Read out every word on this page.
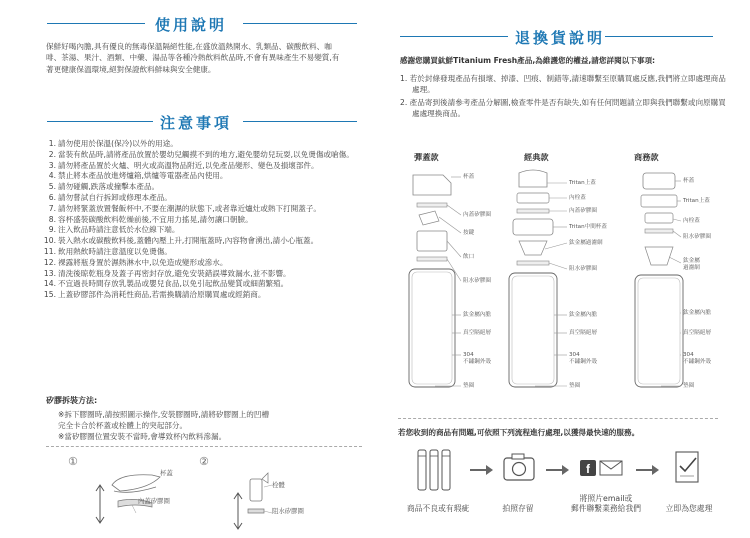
使用說明
保鮮好喝內膽,具有優良的無毒保溫隔絕性能,在盛放溫熱開水、乳類品、碳酸飲料、咖啡、茶湯、果汁、酒類、中藥、湯品等各種冷熱飲料飲品時,不會有異味產生不易變質,有著更健康保溫環境,絕對保證飲料鮮味與安全健康。
注意事項
1. 請勿使用於保溫(保冷)以外的用途。
2. 當裝有飲品時,請將產品放置於嬰幼兒觸摸不到的地方,避免嬰幼兒玩耍,以免燙傷或嗆傷。
3. 請勿將產品置於火爐、明火或高溫物品附近,以免產品變形、變色及損壞部件。
4. 禁止將本產品放進烤爐箱,烘爐等電器產品內使用。
5. 請勿碰觸,跌落或撞擊本產品。
6. 請勿嘗試自行拆卸或修理本產品。
7. 請勿將緊蓋放置餐飯杯中,不要在潮濕的狀態下,或者靠近爐灶或熱下打開蓋子。
8. 容杯盛裝碳酸飲料乾燥前後,不宜用力搖晃,請勿讓口朝臉。
9. 注入飲品時請注意低於水位線下端。
10. 裝入熱水或碳酸飲料後,蓋體內壓上升,打開瓶蓋時,內容物會湧出,請小心瓶蓋。
11. 飲用熱飲時請注意溫度以免燙傷。
12. 裸露將瓶身置於濕熱淋水中,以免造成變形或滲水。
13. 清洗後晾乾瓶身及蓋子再密封存放,避免安裝錯誤導致漏水,並不影響。
14. 不宜過長時間存放乳製品或嬰兒食品,以免引起飲品變質或細菌繁殖。
15. 上蓋矽膠部件為消耗性商品,若需換購請洽原購買處或經銷商。
矽膠拆裝方法:
※拆下膠圈時,請按照圖示操作,安裝膠圈時,請將矽膠圈上的凹槽
完全卡合於杯蓋或栓體上的突起部分。
※當矽膠圈位置安裝不當時,會導致杯內飲料滲漏。
①	②
杯蓋
內蓋矽膠圈
栓體
阻水矽膠圈
退換貨說明
感謝您購買鈦鮮Titanium Fresh產品,為維護您的權益,請您詳閱以下事項:
1. 若於封條發現產品有損壞、掉漆、凹痕、制錯等,請速聯繫至原購買處反應,我們將立即處理商品處理。
2. 產品寄到後請參考產品分解圖,檢查零件是否有缺失,如有任何問題請立即與我們聯繫或向原購買處處理換商品。
彈蓋款	經典款	商務款
杯蓋
內蓋矽膠圈
按鍵
飲口
阻水矽膠圈
鈦金屬內膽
真空隔絕層
304
不鏽鋼外殼
墊圈
Tritan上蓋
內栓蓋
內蓋矽膠圈
Tritan中間杯蓋
鈦金屬過濾網
阻水矽膠圈
鈦金屬內膽
真空隔絕層
304
不鏽鋼外殼
墊圈
杯蓋
Tritan上蓋
內栓蓋
阻水矽膠圈
鈦金屬
過濾網
鈦金屬內膽
真空隔絕層
304
不鏽鋼外殼
墊圈
若您收到的商品有問題,可依照下列流程進行處理,以獲得最快速的服務。
f
商品不良或有瑕疵	拍照存留
將照片email或
郵件聯繫業務給我們	立即為您處理
